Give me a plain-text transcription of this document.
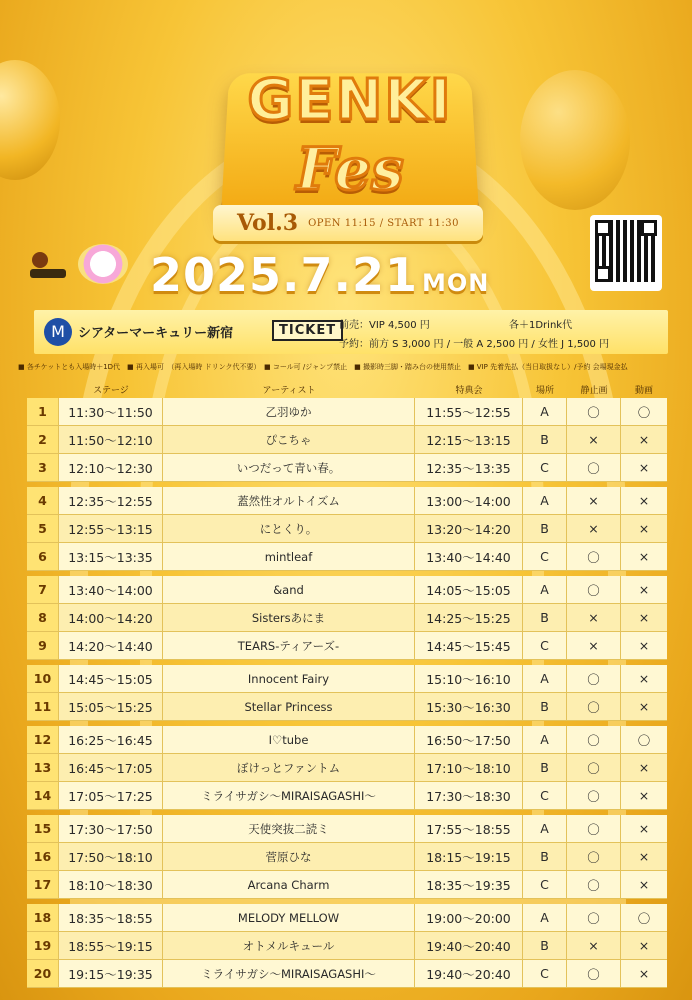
GENKI
Fes
Vol.3 OPEN 11:15 / START 11:30
2025.7.21 MON
M	シアターマーキュリー新宿	TICKET 前売：VIP 4,500 円	各＋1Drink代
予約：前方 S 3,000 円 / 一般 A 2,500 円 / 女性 J 1,500 円
■ 各チケットとも入場時＋1D代　■ 再入場可　（再入場時 ドリンク代不要）　■ コール可 /ジャンプ禁止　■ 撮影時三脚・踏み台の使用禁止　■ VIP 先着先払（当日取扱なし）/予約 会場現金払
ステージ	アーティスト	特典会	場所	静止画	動画
1	11:30～11:50	乙羽ゆか	11:55～12:55	A	〇	〇
2	11:50～12:10	ぴこちゃ	12:15～13:15	B	×	×
3	12:10～12:30	いつだって青い春。	12:35～13:35	C	〇	×
4	12:35～12:55	蓋然性オルトイズム	13:00～14:00	A	×	×
5	12:55～13:15	にとくり。	13:20～14:20	B	×	×
6	13:15～13:35	mintleaf	13:40～14:40	C	〇	×
7	13:40～14:00	&and	14:05～15:05	A	〇	×
8	14:00～14:20	Sistersあにま	14:25～15:25	B	×	×
9	14:20～14:40	TEARS-ティアーズ-	14:45～15:45	C	×	×
10	14:45～15:05	Innocent Fairy	15:10～16:10	A	〇	×
11	15:05～15:25	Stellar Princess	15:30～16:30	B	〇	×
12	16:25～16:45	I♡tube	16:50～17:50	A	〇	〇
13	16:45～17:05	ぼけっとファントム	17:10～18:10	B	〇	×
14	17:05～17:25	ミライサガシ～MIRAISAGASHI～	17:30～18:30	C	〇	×
15	17:30～17:50	天使突抜二読ミ	17:55～18:55	A	〇	×
16	17:50～18:10	菅原ひな	18:15～19:15	B	〇	×
17	18:10～18:30	Arcana Charm	18:35～19:35	C	〇	×
18	18:35～18:55	MELODY MELLOW	19:00～20:00	A	〇	〇
19	18:55～19:15	オトメルキュール	19:40～20:40	B	×	×
20	19:15～19:35	ミライサガシ～MIRAISAGASHI～	19:40～20:40	C	〇	×
